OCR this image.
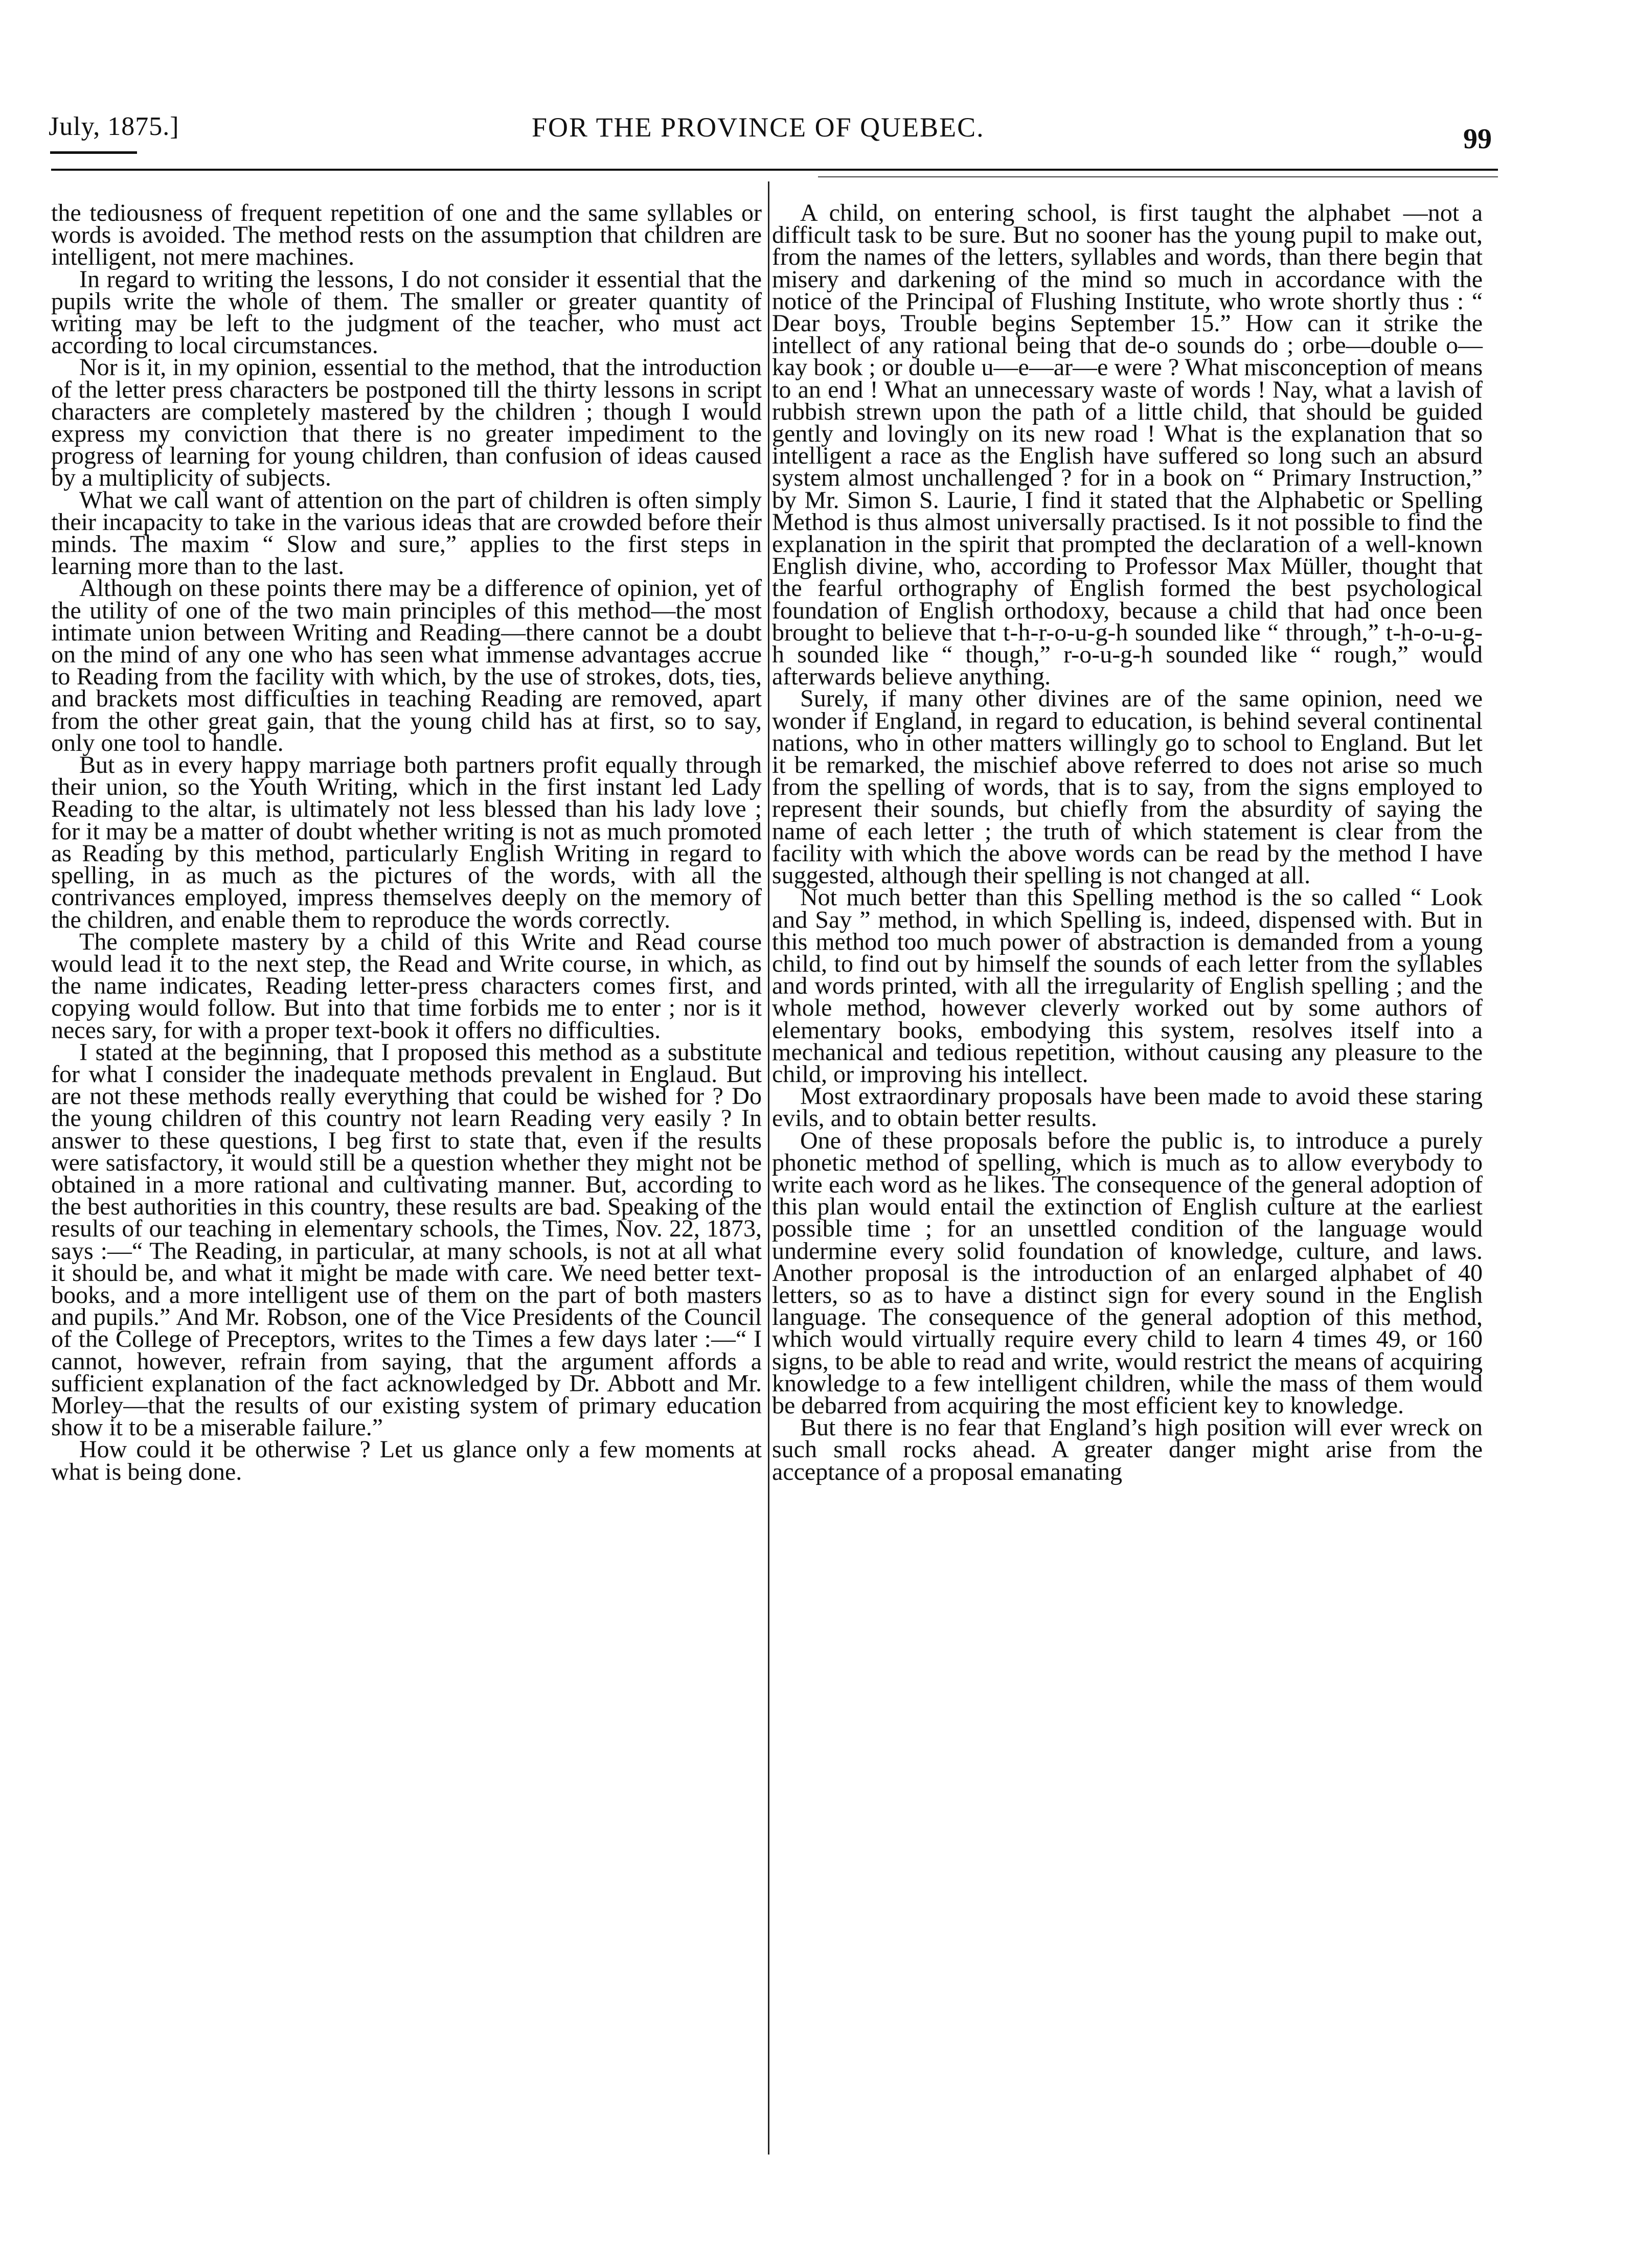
July, 1875.]	FOR THE PROVINCE OF QUEBEC.	99

the tediousness of frequent repetition of one and the same syllables or words is avoided. The method rests on the assumption that children are intelligent, not mere machines.

In regard to writing the lessons, I do not consider it essential that the pupils write the whole of them. The smaller or greater quantity of writing may be left to the judgment of the teacher, who must act according to local circumstances.

Nor is it, in my opinion, essential to the method, that the introduction of the letter press characters be postponed till the thirty lessons in script characters are completely mastered by the children ; though I would express my conviction that there is no greater impediment to the progress of learning for young children, than confusion of ideas caused by a multiplicity of subjects.

What we call want of attention on the part of children is often simply their incapacity to take in the various ideas that are crowded before their minds. The maxim “ Slow and sure,” applies to the first steps in learning more than to the last.

Although on these points there may be a difference of opinion, yet of the utility of one of the two main principles of this method—the most intimate union between Writing and Reading—there cannot be a doubt on the mind of any one who has seen what immense advantages accrue to Reading from the facility with which, by the use of strokes, dots, ties, and brackets most difficulties in teaching Reading are removed, apart from the other great gain, that the young child has at first, so to say, only one tool to handle.

But as in every happy marriage both partners profit equally through their union, so the Youth Writing, which in the first instant led Lady Reading to the altar, is ultimately not less blessed than his lady love ; for it may be a matter of doubt whether writing is not as much promoted as Reading by this method, particularly English Writing in regard to spelling, in as much as the pictures of the words, with all the contrivances employed, impress themselves deeply on the memory of the children, and enable them to reproduce the words correctly.

The complete mastery by a child of this Write and Read course would lead it to the next step, the Read and Write course, in which, as the name indicates, Reading letter-press characters comes first, and copying would follow. But into that time forbids me to enter ; nor is it neces sary, for with a proper text-book it offers no difficulties.

I stated at the beginning, that I proposed this method as a substitute for what I consider the inadequate methods prevalent in Englaud. But are not these methods really everything that could be wished for ? Do the young children of this country not learn Reading very easily ? In answer to these questions, I beg first to state that, even if the results were satisfactory, it would still be a question whether they might not be obtained in a more rational and cultivating manner. But, according to the best authorities in this country, these results are bad. Speaking of the results of our teaching in elementary schools, the Times, Nov. 22, 1873, says :—“ The Reading, in particular, at many schools, is not at all what it should be, and what it might be made with care. We need better text-books, and a more intelligent use of them on the part of both masters and pupils.” And Mr. Robson, one of the Vice Presidents of the Council of the College of Preceptors, writes to the Times a few days later :—“ I cannot, however, refrain from saying, that the argument affords a sufficient explanation of the fact acknowledged by Dr. Abbott and Mr. Morley—that the results of our existing system of primary education show it to be a miserable failure.”

How could it be otherwise ? Let us glance only a few moments at what is being done.

A child, on entering school, is first taught the alphabet —not a difficult task to be sure. But no sooner has the young pupil to make out, from the names of the letters, syllables and words, than there begin that misery and darkening of the mind so much in accordance with the notice of the Principal of Flushing Institute, who wrote shortly thus : “ Dear boys, Trouble begins September 15.” How can it strike the intellect of any rational being that de-o sounds do ; orbe—double o—kay book ; or double u—e—ar—e were ? What misconception of means to an end ! What an unnecessary waste of words ! Nay, what a lavish of rubbish strewn upon the path of a little child, that should be guided gently and lovingly on its new road ! What is the explanation that so intelligent a race as the English have suffered so long such an absurd system almost unchallenged ? for in a book on “ Primary Instruction,” by Mr. Simon S. Laurie, I find it stated that the Alphabetic or Spelling Method is thus almost universally practised. Is it not possible to find the explanation in the spirit that prompted the declaration of a well-known English divine, who, according to Professor Max Müller, thought that the fearful orthography of English formed the best psychological foundation of English orthodoxy, because a child that had once been brought to believe that t-h-r-o-u-g-h sounded like “ through,” t-h-o-u-g-h sounded like “ though,” r-o-u-g-h sounded like “ rough,” would afterwards believe anything.

Surely, if many other divines are of the same opinion, need we wonder if England, in regard to education, is behind several continental nations, who in other matters willingly go to school to England. But let it be remarked, the mischief above referred to does not arise so much from the spelling of words, that is to say, from the signs employed to represent their sounds, but chiefly from the absurdity of saying the name of each letter ; the truth of which statement is clear from the facility with which the above words can be read by the method I have suggested, although their spelling is not changed at all.

Not much better than this Spelling method is the so called “ Look and Say ” method, in which Spelling is, indeed, dispensed with. But in this method too much power of abstraction is demanded from a young child, to find out by himself the sounds of each letter from the syllables and words printed, with all the irregularity of English spelling ; and the whole method, however cleverly worked out by some authors of elementary books, embodying this system, resolves itself into a mechanical and tedious repetition, without causing any pleasure to the child, or improving his intellect.

Most extraordinary proposals have been made to avoid these staring evils, and to obtain better results.

One of these proposals before the public is, to introduce a purely phonetic method of spelling, which is much as to allow everybody to write each word as he likes. The consequence of the general adoption of this plan would entail the extinction of English culture at the earliest possible time ; for an unsettled condition of the language would undermine every solid foundation of knowledge, culture, and laws. Another proposal is the introduction of an enlarged alphabet of 40 letters, so as to have a distinct sign for every sound in the English language. The consequence of the general adoption of this method, which would virtually require every child to learn 4 times 49, or 160 signs, to be able to read and write, would restrict the means of acquiring knowledge to a few intelligent children, while the mass of them would be debarred from acquiring the most efficient key to knowledge.

But there is no fear that England’s high position will ever wreck on such small rocks ahead. A greater danger might arise from the acceptance of a proposal emanating
